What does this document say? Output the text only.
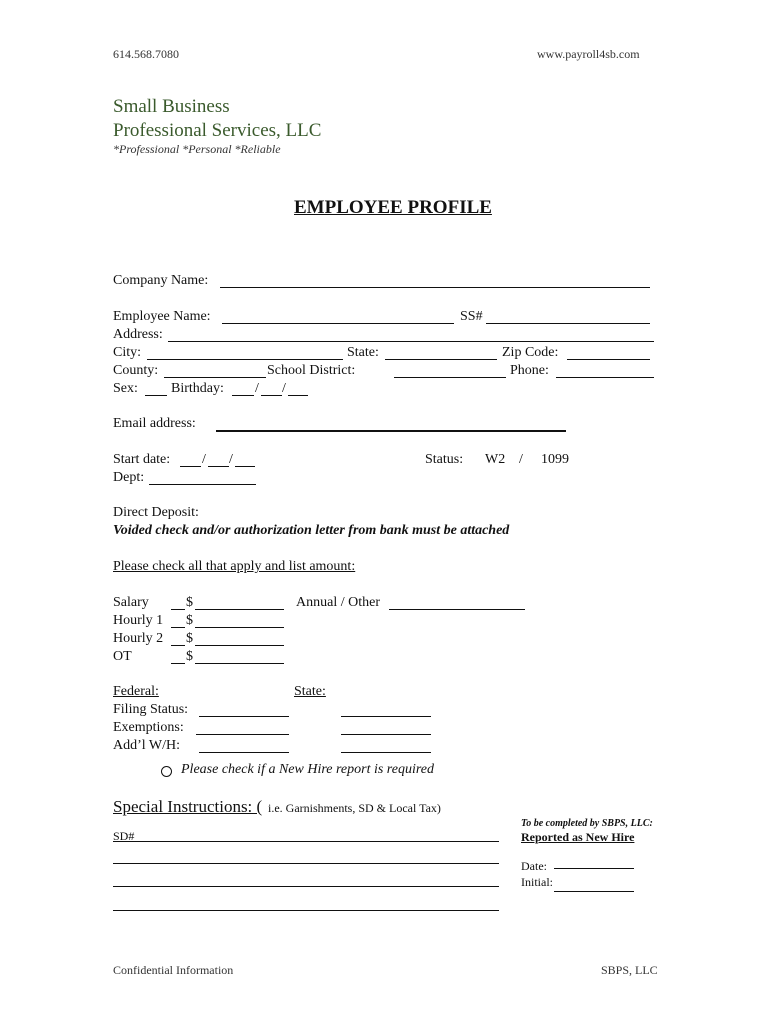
614.568.7080	www.payroll4sb.com
Small Business
Professional Services, LLC
*Professional *Personal *Reliable
EMPLOYEE PROFILE
Company Name:
Employee Name:	SS#
Address:
City:	State:	Zip Code:
County:	School District:	Phone:
Sex: Birthday: / /
Email address:
Start date: / /	Status: W2 / 1099
Dept:
Direct Deposit:
Voided check and/or authorization letter from bank must be attached
Please check all that apply and list amount:
Salary	$	Annual / Other
Hourly 1 $
Hourly 2 $
OT	$
Federal:	State:
Filing Status:
Exemptions:
Add’l W/H:
Please check if a New Hire report is required
Special Instructions: ( i.e. Garnishments, SD & Local Tax)
SD#
To be completed by SBPS, LLC:
Reported as New Hire
Date:
Initial:
Confidential Information	SBPS, LLC
